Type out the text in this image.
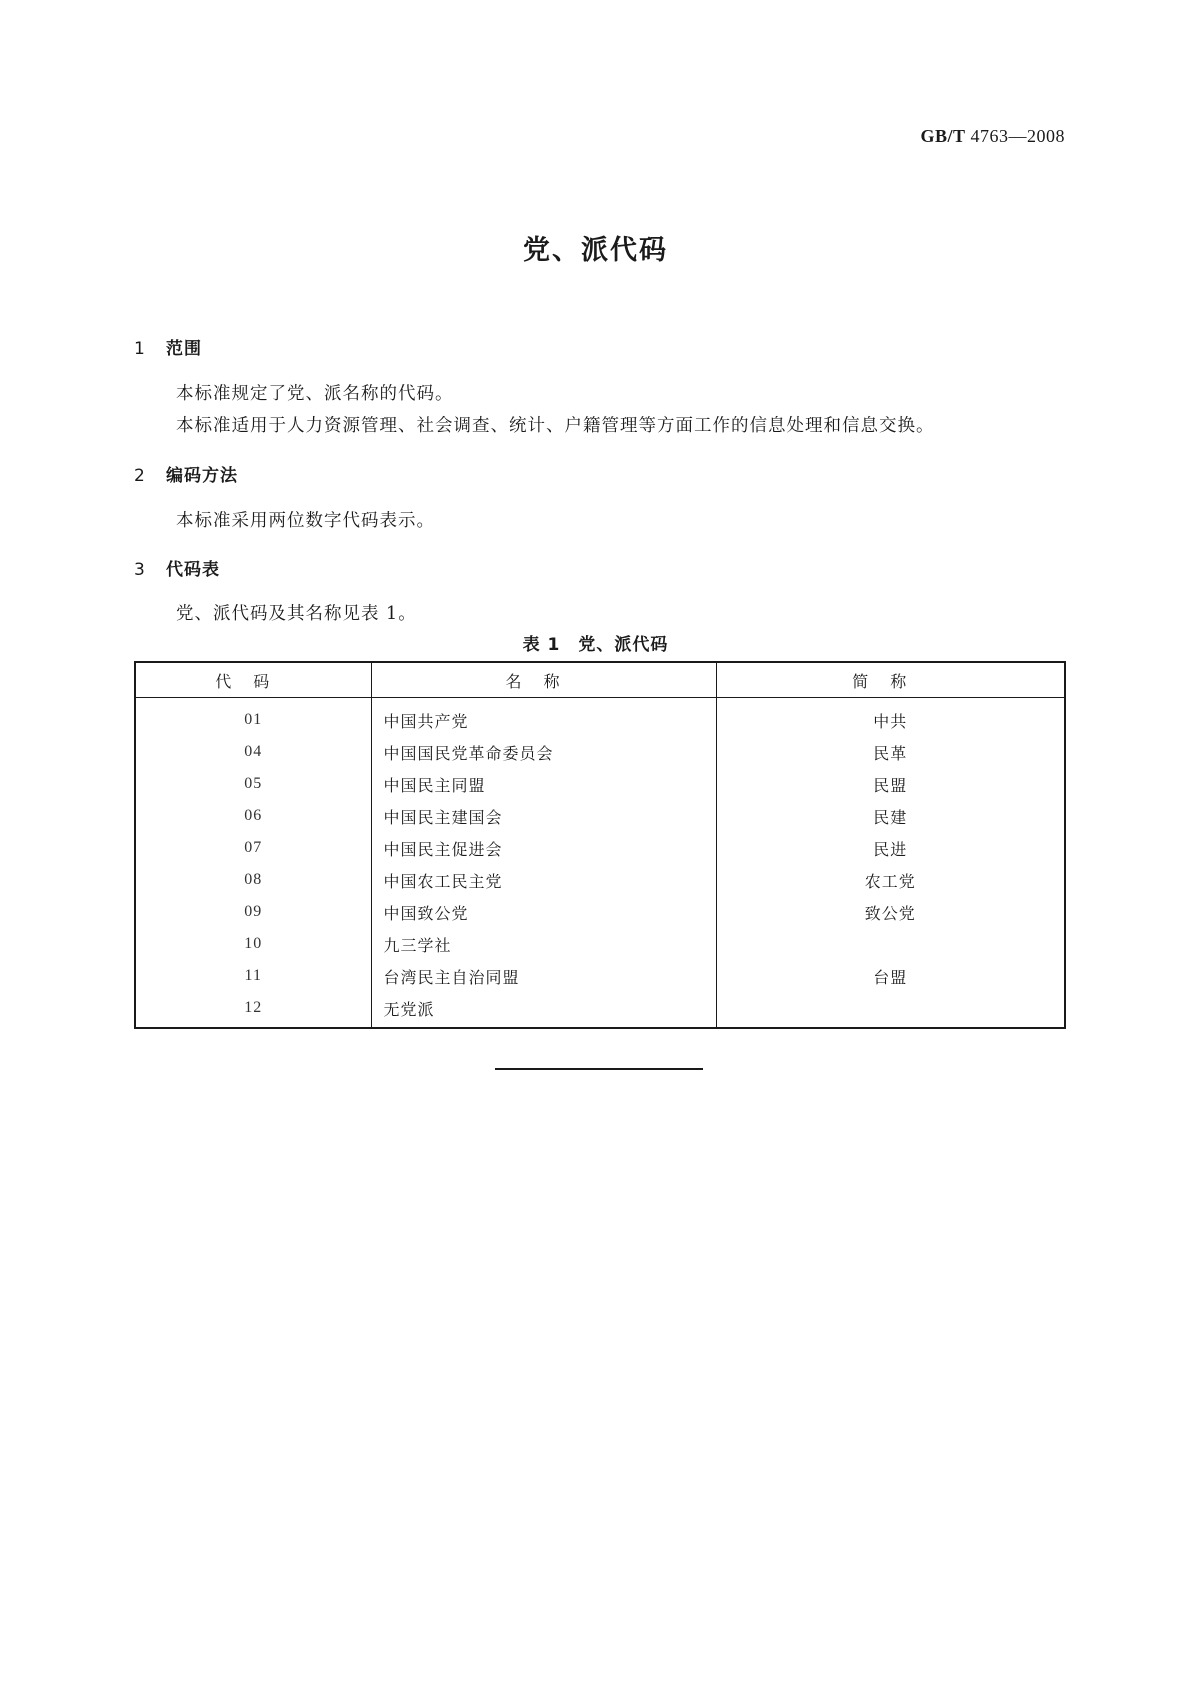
GB/T 4763—2008
党、派代码
1 范围
本标准规定了党、派名称的代码。
本标准适用于人力资源管理、社会调查、统计、户籍管理等方面工作的信息处理和信息交换。
2 编码方法
本标准采用两位数字代码表示。
3 代码表
党、派代码及其名称见表 1。
表 1　党、派代码
代码	名称	简称
01	中国共产党	中共
04	中国国民党革命委员会	民革
05	中国民主同盟	民盟
06	中国民主建国会	民建
07	中国民主促进会	民进
08	中国农工民主党	农工党
09	中国致公党	致公党
10	九三学社	
11	台湾民主自治同盟	台盟
12	无党派	
